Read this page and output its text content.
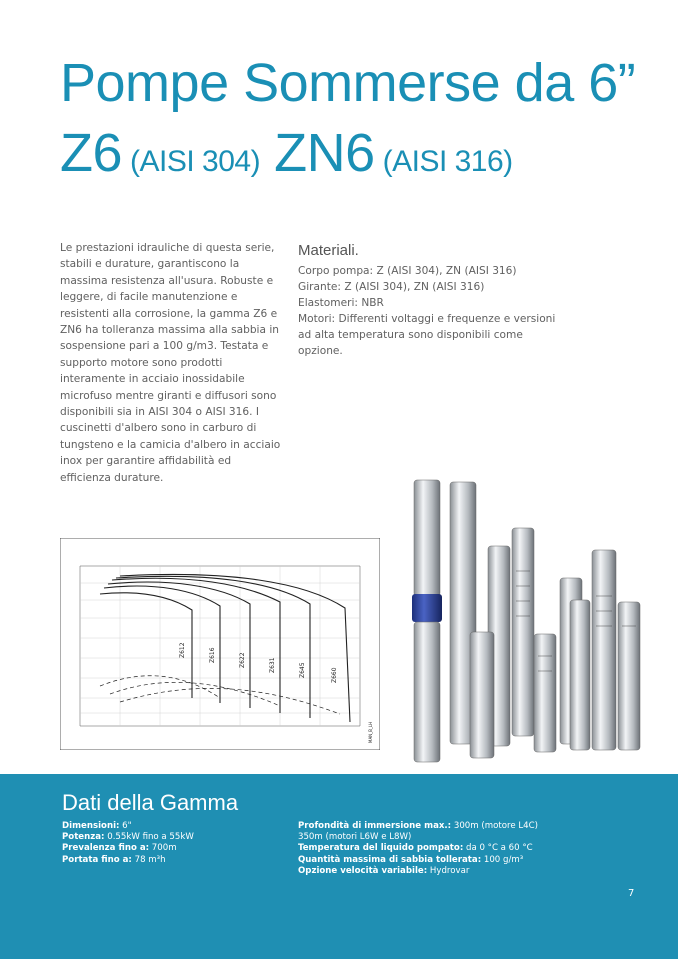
Pompe Sommerse da 6”
Z6 (AISI 304) ZN6 (AISI 316)

Le prestazioni idrauliche di questa serie, stabili e durature, garantiscono la massima resistenza all'usura. Robuste e leggere, di facile manutenzione e resistenti alla corrosione, la gamma Z6 e ZN6 ha tolleranza massima alla sabbia in sospensione pari a 100 g/m3. Testata e supporto motore sono prodotti interamente in acciaio inossidabile microfuso mentre giranti e diffusori sono disponibili sia in AISI 304 o AISI 316. I cuscinetti d'albero sono in carburo di tungsteno e la camicia d'albero in acciaio inox per garantire affidabilità ed efficienza durature.

Materiali.

Corpo pompa: Z (AISI 304), ZN (AISI 316)

Girante: Z (AISI 304), ZN (AISI 316)

Elastomeri: NBR

Motori: Differenti voltaggi e frequenze e versioni ad alta temperatura sono disponibili come opzione.

Z612	Z616	Z622	Z631	Z645	Z660
MAN_B_LH
Dati della Gamma
Dimensioni: 6"
Potenza: 0.55kW fino a 55kW
Prevalenza fino a: 700m
Portata fino a: 78 m³h
Profondità di immersione max.: 300m (motore L4C)
350m (motori L6W e L8W)
Temperatura del liquido pompato: da 0 °C a 60 °C
Quantità massima di sabbia tollerata: 100 g/m³
Opzione velocità variabile: Hydrovar
7
